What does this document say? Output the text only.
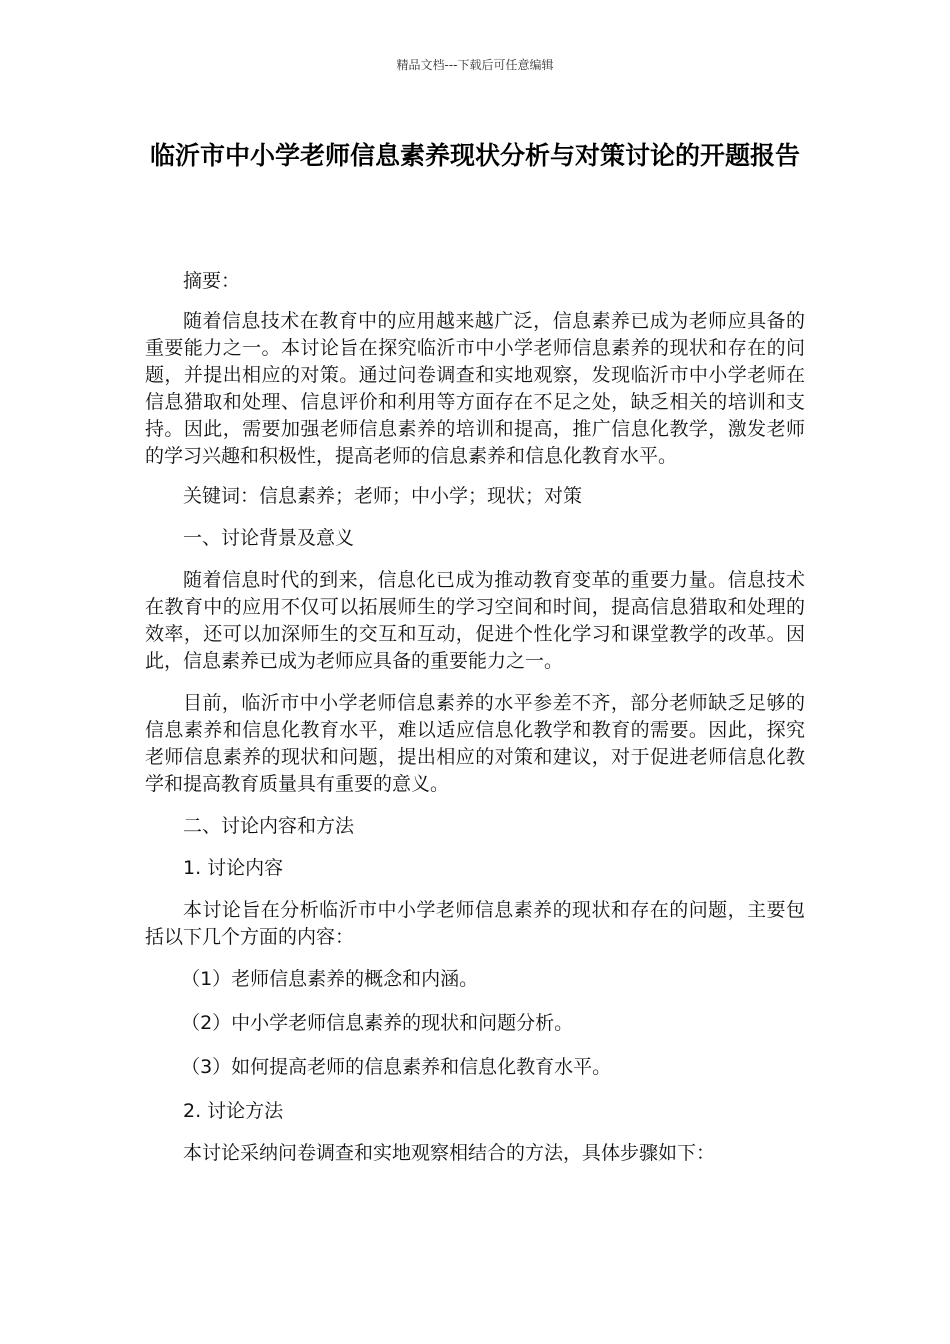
精品文档---下载后可任意编辑
临沂市中小学老师信息素养现状分析与对策讨论的开题报告

摘要：

随着信息技术在教育中的应用越来越广泛，信息素养已成为老师应具备的重要能力之一。本讨论旨在探究临沂市中小学老师信息素养的现状和存在的问题，并提出相应的对策。通过问卷调查和实地观察，发现临沂市中小学老师在信息猎取和处理、信息评价和利用等方面存在不足之处，缺乏相关的培训和支持。因此，需要加强老师信息素养的培训和提高，推广信息化教学，激发老师的学习兴趣和积极性，提高老师的信息素养和信息化教育水平。

关键词：信息素养；老师；中小学；现状；对策

一、讨论背景及意义

随着信息时代的到来，信息化已成为推动教育变革的重要力量。信息技术在教育中的应用不仅可以拓展师生的学习空间和时间，提高信息猎取和处理的效率，还可以加深师生的交互和互动，促进个性化学习和课堂教学的改革。因此，信息素养已成为老师应具备的重要能力之一。

目前，临沂市中小学老师信息素养的水平参差不齐，部分老师缺乏足够的信息素养和信息化教育水平，难以适应信息化教学和教育的需要。因此，探究老师信息素养的现状和问题，提出相应的对策和建议，对于促进老师信息化教学和提高教育质量具有重要的意义。

二、讨论内容和方法

1. 讨论内容

本讨论旨在分析临沂市中小学老师信息素养的现状和存在的问题，主要包括以下几个方面的内容：

（1）老师信息素养的概念和内涵。

（2）中小学老师信息素养的现状和问题分析。

（3）如何提高老师的信息素养和信息化教育水平。

2. 讨论方法

本讨论采纳问卷调查和实地观察相结合的方法，具体步骤如下：
